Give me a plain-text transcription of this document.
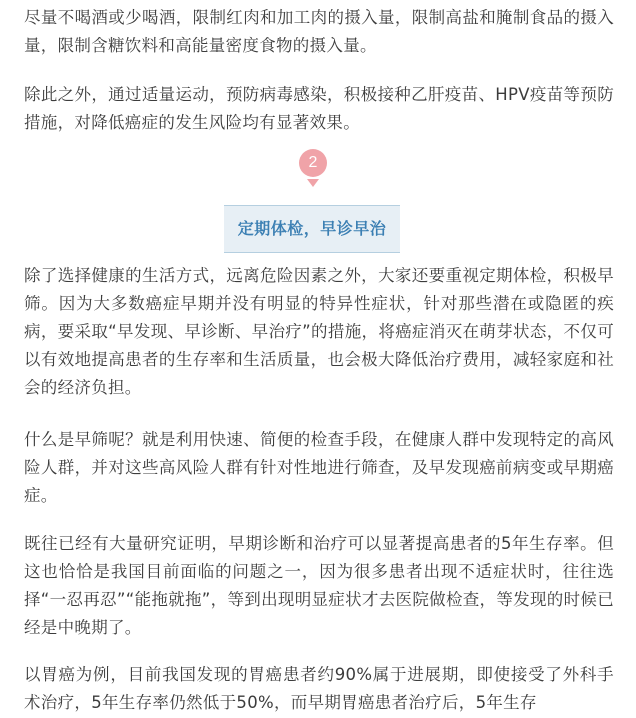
尽量不喝酒或少喝酒，限制红肉和加工肉的摄入量，限制高盐和腌制食品的摄入量，限制含糖饮料和高能量密度食物的摄入量。

除此之外，通过适量运动，预防病毒感染，积极接种乙肝疫苗、HPV疫苗等预防措施，对降低癌症的发生风险均有显著效果。

2
定期体检，早诊早治

除了选择健康的生活方式，远离危险因素之外，大家还要重视定期体检，积极早筛。因为大多数癌症早期并没有明显的特异性症状，针对那些潜在或隐匿的疾病，要采取“早发现、早诊断、早治疗”的措施，将癌症消灭在萌芽状态，不仅可以有效地提高患者的生存率和生活质量，也会极大降低治疗费用，减轻家庭和社会的经济负担。

什么是早筛呢？就是利用快速、简便的检查手段，在健康人群中发现特定的高风险人群，并对这些高风险人群有针对性地进行筛查，及早发现癌前病变或早期癌症。

既往已经有大量研究证明，早期诊断和治疗可以显著提高患者的5年生存率。但这也恰恰是我国目前面临的问题之一，因为很多患者出现不适症状时，往往选择“一忍再忍”“能拖就拖”，等到出现明显症状才去医院做检查，等发现的时候已经是中晚期了。

以胃癌为例，目前我国发现的胃癌患者约90%属于进展期，即使接受了外科手术治疗，5年生存率仍然低于50%，而早期胃癌患者治疗后，5年生存
